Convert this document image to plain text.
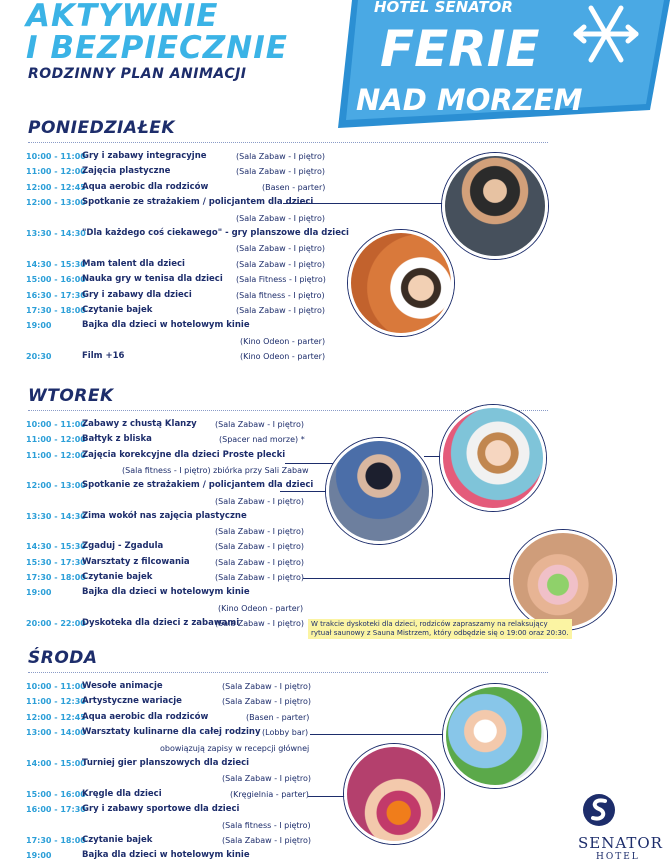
AKTYWNIE
I BEZPIECZNIE
RODZINNY PLAN ANIMACJI
HOTEL SENATOR
FERIE
NAD MORZEM
PONIEDZIAŁEK
WTOREK
ŚRODA
10:00 - 11:00
Gry i zabawy integracyjne	(Sala Zabaw - I piętro)
11:00 - 12:00
Zajęcia plastyczne	(Sala Zabaw - I piętro)
12:00 - 12:45
Aqua aerobic dla rodziców	(Basen - parter)
12:00 - 13:00
Spotkanie ze strażakiem / policjantem dla dzieci
(Sala Zabaw - I piętro)
13:30 - 14:30
"Dla każdego coś ciekawego" - gry planszowe dla dzieci
(Sala Zabaw - I piętro)
14:30 - 15:30
Mam talent dla dzieci	(Sala Zabaw - I piętro)
15:00 - 16:00
Nauka gry w tenisa dla dzieci (Sala Fitness - I piętro)
16:30 - 17:30
Gry i zabawy dla dzieci	(Sala fitness - I piętro)
17:30 - 18:00
Czytanie bajek	(Sala Zabaw - I piętro)
19:00	Bajka dla dzieci w hotelowym kinie
(Kino Odeon - parter)
20:30	Film +16	(Kino Odeon - parter)
10:00 - 11:00
Zabawy z chustą Klanzy (Sala Zabaw - I piętro)
11:00 - 12:00
Bałtyk z bliska	(Spacer nad morze) *
11:00 - 12:00
Zajęcia korekcyjne dla dzieci Proste plecki
(Sala fitness - I piętro) zbiórka przy Sali Zabaw
12:00 - 13:00
Spotkanie ze strażakiem / policjantem dla dzieci
(Sala Zabaw - I piętro)
13:30 - 14:30
Zima wokół nas zajęcia plastyczne
(Sala Zabaw - I piętro)
14:30 - 15:30
Zgaduj - Zgadula	(Sala Zabaw - I piętro)
15:30 - 17:30
Warsztaty z filcowania	(Sala Zabaw - I piętro)
17:30 - 18:00
Czytanie bajek	(Sala Zabaw - I piętro)
19:00	Bajka dla dzieci w hotelowym kinie
(Kino Odeon - parter)
20:00 - 22:00
Dyskoteka dla dzieci z zabawami
(Sala Zabaw - I piętro)
10:00 - 11:00
Wesołe animacje	(Sala Zabaw - I piętro)
11:00 - 12:30
Artystyczne wariacje	(Sala Zabaw - I piętro)
12:00 - 12:45
Aqua aerobic dla rodziców	(Basen - parter)
13:00 - 14:00
Warsztaty kulinarne dla całej rodziny (Lobby bar)
obowiązują zapisy w recepcji głównej
14:00 - 15:00
Turniej gier planszowych dla dzieci
(Sala Zabaw - I piętro)
15:00 - 16:00
Kręgle dla dzieci	(Kręgielnia - parter)
16:00 - 17:30
Gry i zabawy sportowe dla dzieci
(Sala fitness - I piętro)
17:30 - 18:00
Czytanie bajek	(Sala Zabaw - I piętro)
19:00	Bajka dla dzieci w hotelowym kinie
W trakcie dyskoteki dla dzieci, rodziców zapraszamy na relaksujący rytuał saunowy z Sauna Mistrzem, który odbędzie się o 19:00 oraz 20:30.
SENATOR
HOTEL
